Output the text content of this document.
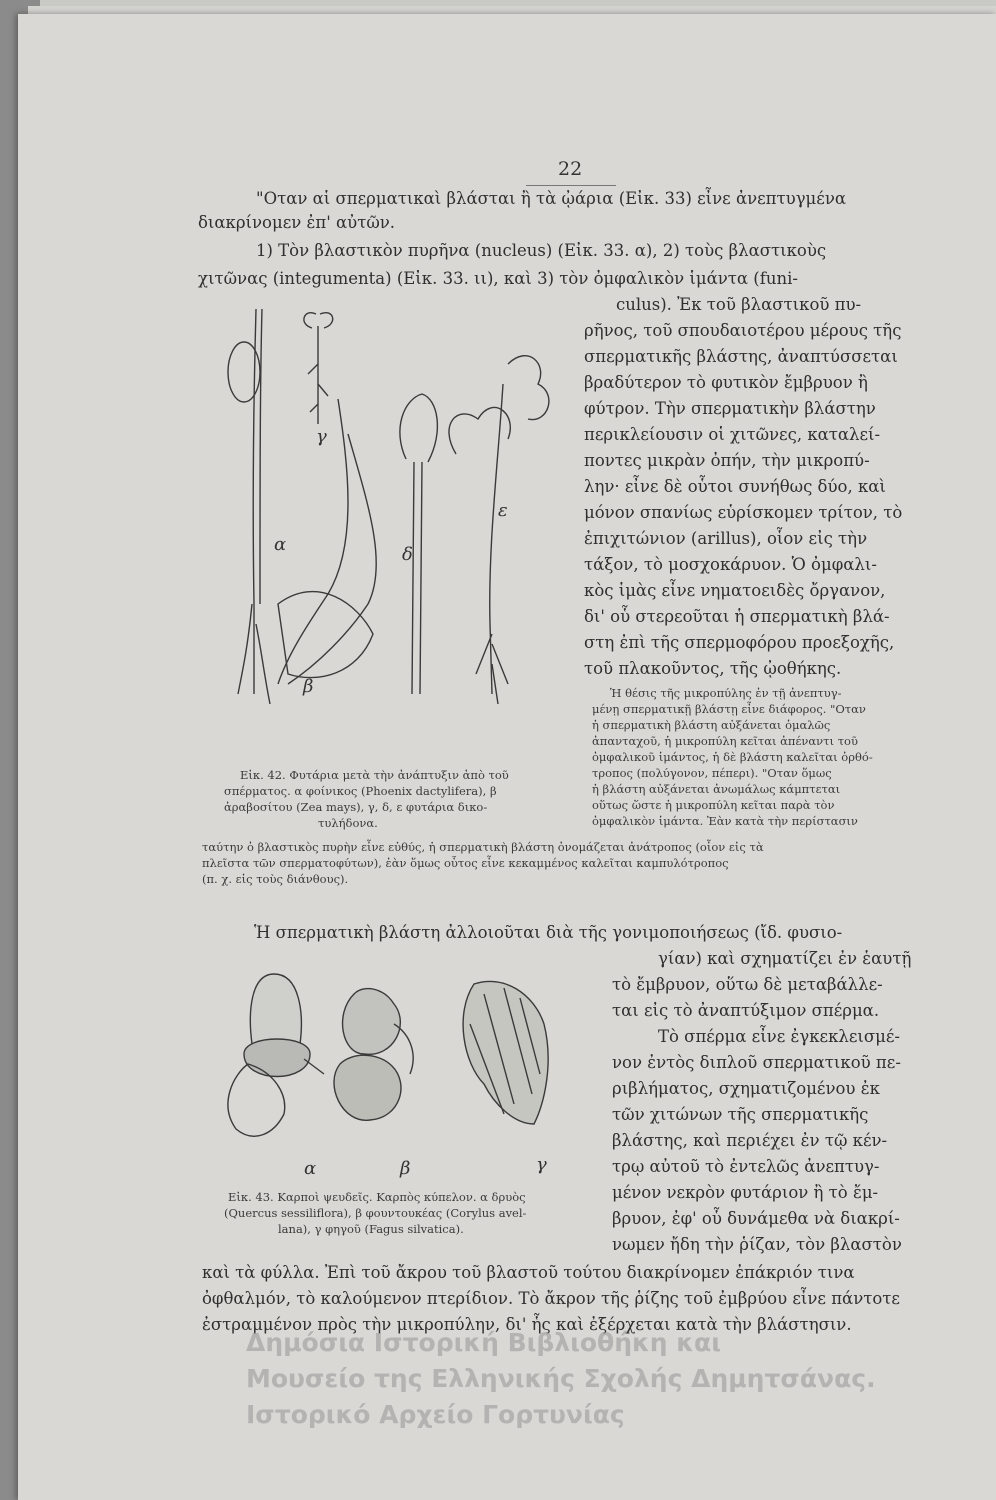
22
"Οταν αἱ σπερματικαὶ βλάσται ἢ τὰ ᾠάρια (Εἰκ. 33) εἶνε ἀνεπτυγμένα
διακρίνομεν ἐπ' αὐτῶν.
1) Τὸν βλαστικὸν πυρῆνα (nucleus) (Εἰκ. 33. α), 2) τοὺς βλαστικοὺς
χιτῶνας (integumenta) (Εἰκ. 33. ιι), καὶ 3) τὸν ὀμφαλικὸν ἱμάντα (funi-
culus). Ἐκ τοῦ βλαστικοῦ πυ-
ρῆνος, τοῦ σπουδαιοτέρου μέρους τῆς
σπερματικῆς βλάστης, ἀναπτύσσεται
βραδύτερον τὸ φυτικὸν ἔμβρυον ἢ
φύτρον. Τὴν σπερματικὴν βλάστην
περικλείουσιν οἱ χιτῶνες, καταλεί-
ποντες μικρὰν ὀπήν, τὴν μικροπύ-
λην· εἶνε δὲ οὗτοι συνήθως δύο, καὶ
μόνον σπανίως εὑρίσκομεν τρίτον, τὸ
ἐπιχιτώνιον (arillus), οἷον εἰς τὴν
τάξον, τὸ μοσχοκάρυον. Ὁ ὀμφαλι-
κὸς ἱμὰς εἶνε νηματοειδὲς ὄργανον,
δι' οὗ στερεοῦται ἡ σπερματικὴ βλά-
στη ἐπὶ τῆς σπερμοφόρου προεξοχῆς,
τοῦ πλακοῦντος, τῆς ᾠοθήκης.
Ἡ θέσις τῆς μικροπύλης ἐν τῇ ἀνεπτυγ-
μένῃ σπερματικῇ βλάστῃ εἶνε διάφορος. "Οταν
ἡ σπερματικὴ βλάστη αὐξάνεται ὁμαλῶς
ἀπανταχοῦ, ἡ μικροπύλη κεῖται ἀπέναντι τοῦ
ὀμφαλικοῦ ἱμάντος, ἡ δὲ βλάστη καλεῖται ὀρθό-
τροπος (πολύγονον, πέπερι). "Οταν ὅμως
ἡ βλάστη αὐξάνεται ἀνωμάλως κάμπτεται
οὕτως ὥστε ἡ μικροπύλη κεῖται παρὰ τὸν
ὀμφαλικὸν ἱμάντα. Ἐὰν κατὰ τὴν περίστασιν
ταύτην ὁ βλαστικὸς πυρὴν εἶνε εὐθύς, ἡ σπερματικὴ βλάστη ὀνομάζεται ἀνάτροπος (οἷον εἰς τὰ
πλεῖστα τῶν σπερματοφύτων), ἐὰν ὅμως οὗτος εἶνε κεκαμμένος καλεῖται καμπυλότροπος
(π. χ. εἰς τοὺς διάνθους).
α
β
γ
δ
ε
Εἰκ. 42. Φυτάρια μετὰ τὴν ἀνάπτυξιν ἀπὸ τοῦ
σπέρματος. α φοίνικος (Phoenix dactylifera), β
ἀραβοσίτου (Zea mays), γ, δ, ε φυτάρια δικο-
τυλήδονα.
Ἡ σπερματικὴ βλάστη ἀλλοιοῦται διὰ τῆς γονιμοποιήσεως (ἴδ. φυσιο-
γίαν) καὶ σχηματίζει ἐν ἑαυτῇ
τὸ ἔμβρυον, οὕτω δὲ μεταβάλλε-
ται εἰς τὸ ἀναπτύξιμον σπέρμα.
Τὸ σπέρμα εἶνε ἐγκεκλεισμέ-
νον ἐντὸς διπλοῦ σπερματικοῦ πε-
ριβλήματος, σχηματιζομένου ἐκ
τῶν χιτώνων τῆς σπερματικῆς
βλάστης, καὶ περιέχει ἐν τῷ κέν-
τρῳ αὐτοῦ τὸ ἐντελῶς ἀνεπτυγ-
μένον νεκρὸν φυτάριον ἢ τὸ ἔμ-
βρυον, ἐφ' οὗ δυνάμεθα νὰ διακρί-
νωμεν ἤδη τὴν ῥίζαν, τὸν βλαστὸν
α	β	γ
Εἰκ. 43. Καρποὶ ψευδεῖς. Καρπὸς κύπελον. α δρυὸς
(Quercus sessiliflora), β φουντουκέας (Corylus avel-
lana), γ φηγοῦ (Fagus silvatica).
καὶ τὰ φύλλα. Ἐπὶ τοῦ ἄκρου τοῦ βλαστοῦ τούτου διακρίνομεν ἐπάκριόν τινα
ὀφθαλμόν, τὸ καλούμενον πτερίδιον. Τὸ ἄκρον τῆς ῥίζης τοῦ ἐμβρύου εἶνε πάντοτε
ἐστραμμένον πρὸς τὴν μικροπύλην, δι' ἧς καὶ ἐξέρχεται κατὰ τὴν βλάστησιν.
Δημόσια Ιστορική Βιβλιοθήκη και
Μουσείο της Ελληνικής Σχολής Δημητσάνας.
Ιστορικό Αρχείο Γορτυνίας
